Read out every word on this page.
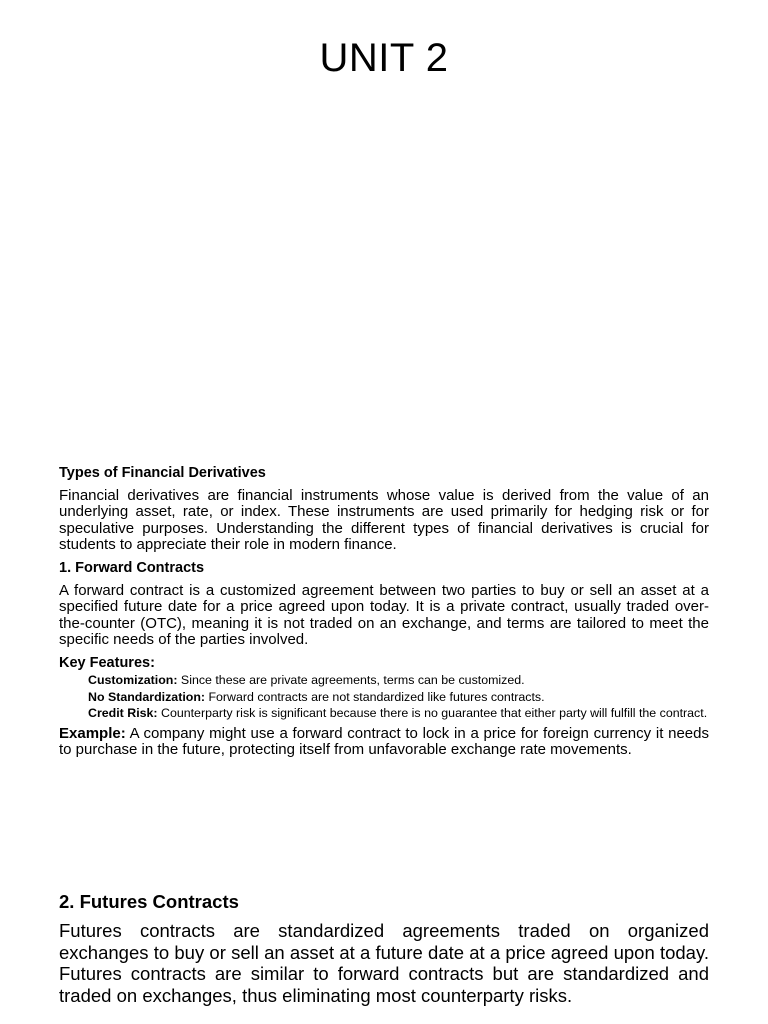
UNIT 2
Types of Financial Derivatives

Financial derivatives are financial instruments whose value is derived from the value of an underlying asset, rate, or index. These instruments are used primarily for hedging risk or for speculative purposes. Understanding the different types of financial derivatives is crucial for students to appreciate their role in modern finance.

1. Forward Contracts

A forward contract is a customized agreement between two parties to buy or sell an asset at a specified future date for a price agreed upon today. It is a private contract, usually traded over-the-counter (OTC), meaning it is not traded on an exchange, and terms are tailored to meet the specific needs of the parties involved.

Key Features:
Customization: Since these are private agreements, terms can be customized.
No Standardization: Forward contracts are not standardized like futures contracts.
Credit Risk: Counterparty risk is significant because there is no guarantee that either party will fulfill the contract.

Example: A company might use a forward contract to lock in a price for foreign currency it needs to purchase in the future, protecting itself from unfavorable exchange rate movements.

2. Futures Contracts

Futures contracts are standardized agreements traded on organized exchanges to buy or sell an asset at a future date at a price agreed upon today. Futures contracts are similar to forward contracts but are standardized and traded on exchanges, thus eliminating most counterparty risks.
